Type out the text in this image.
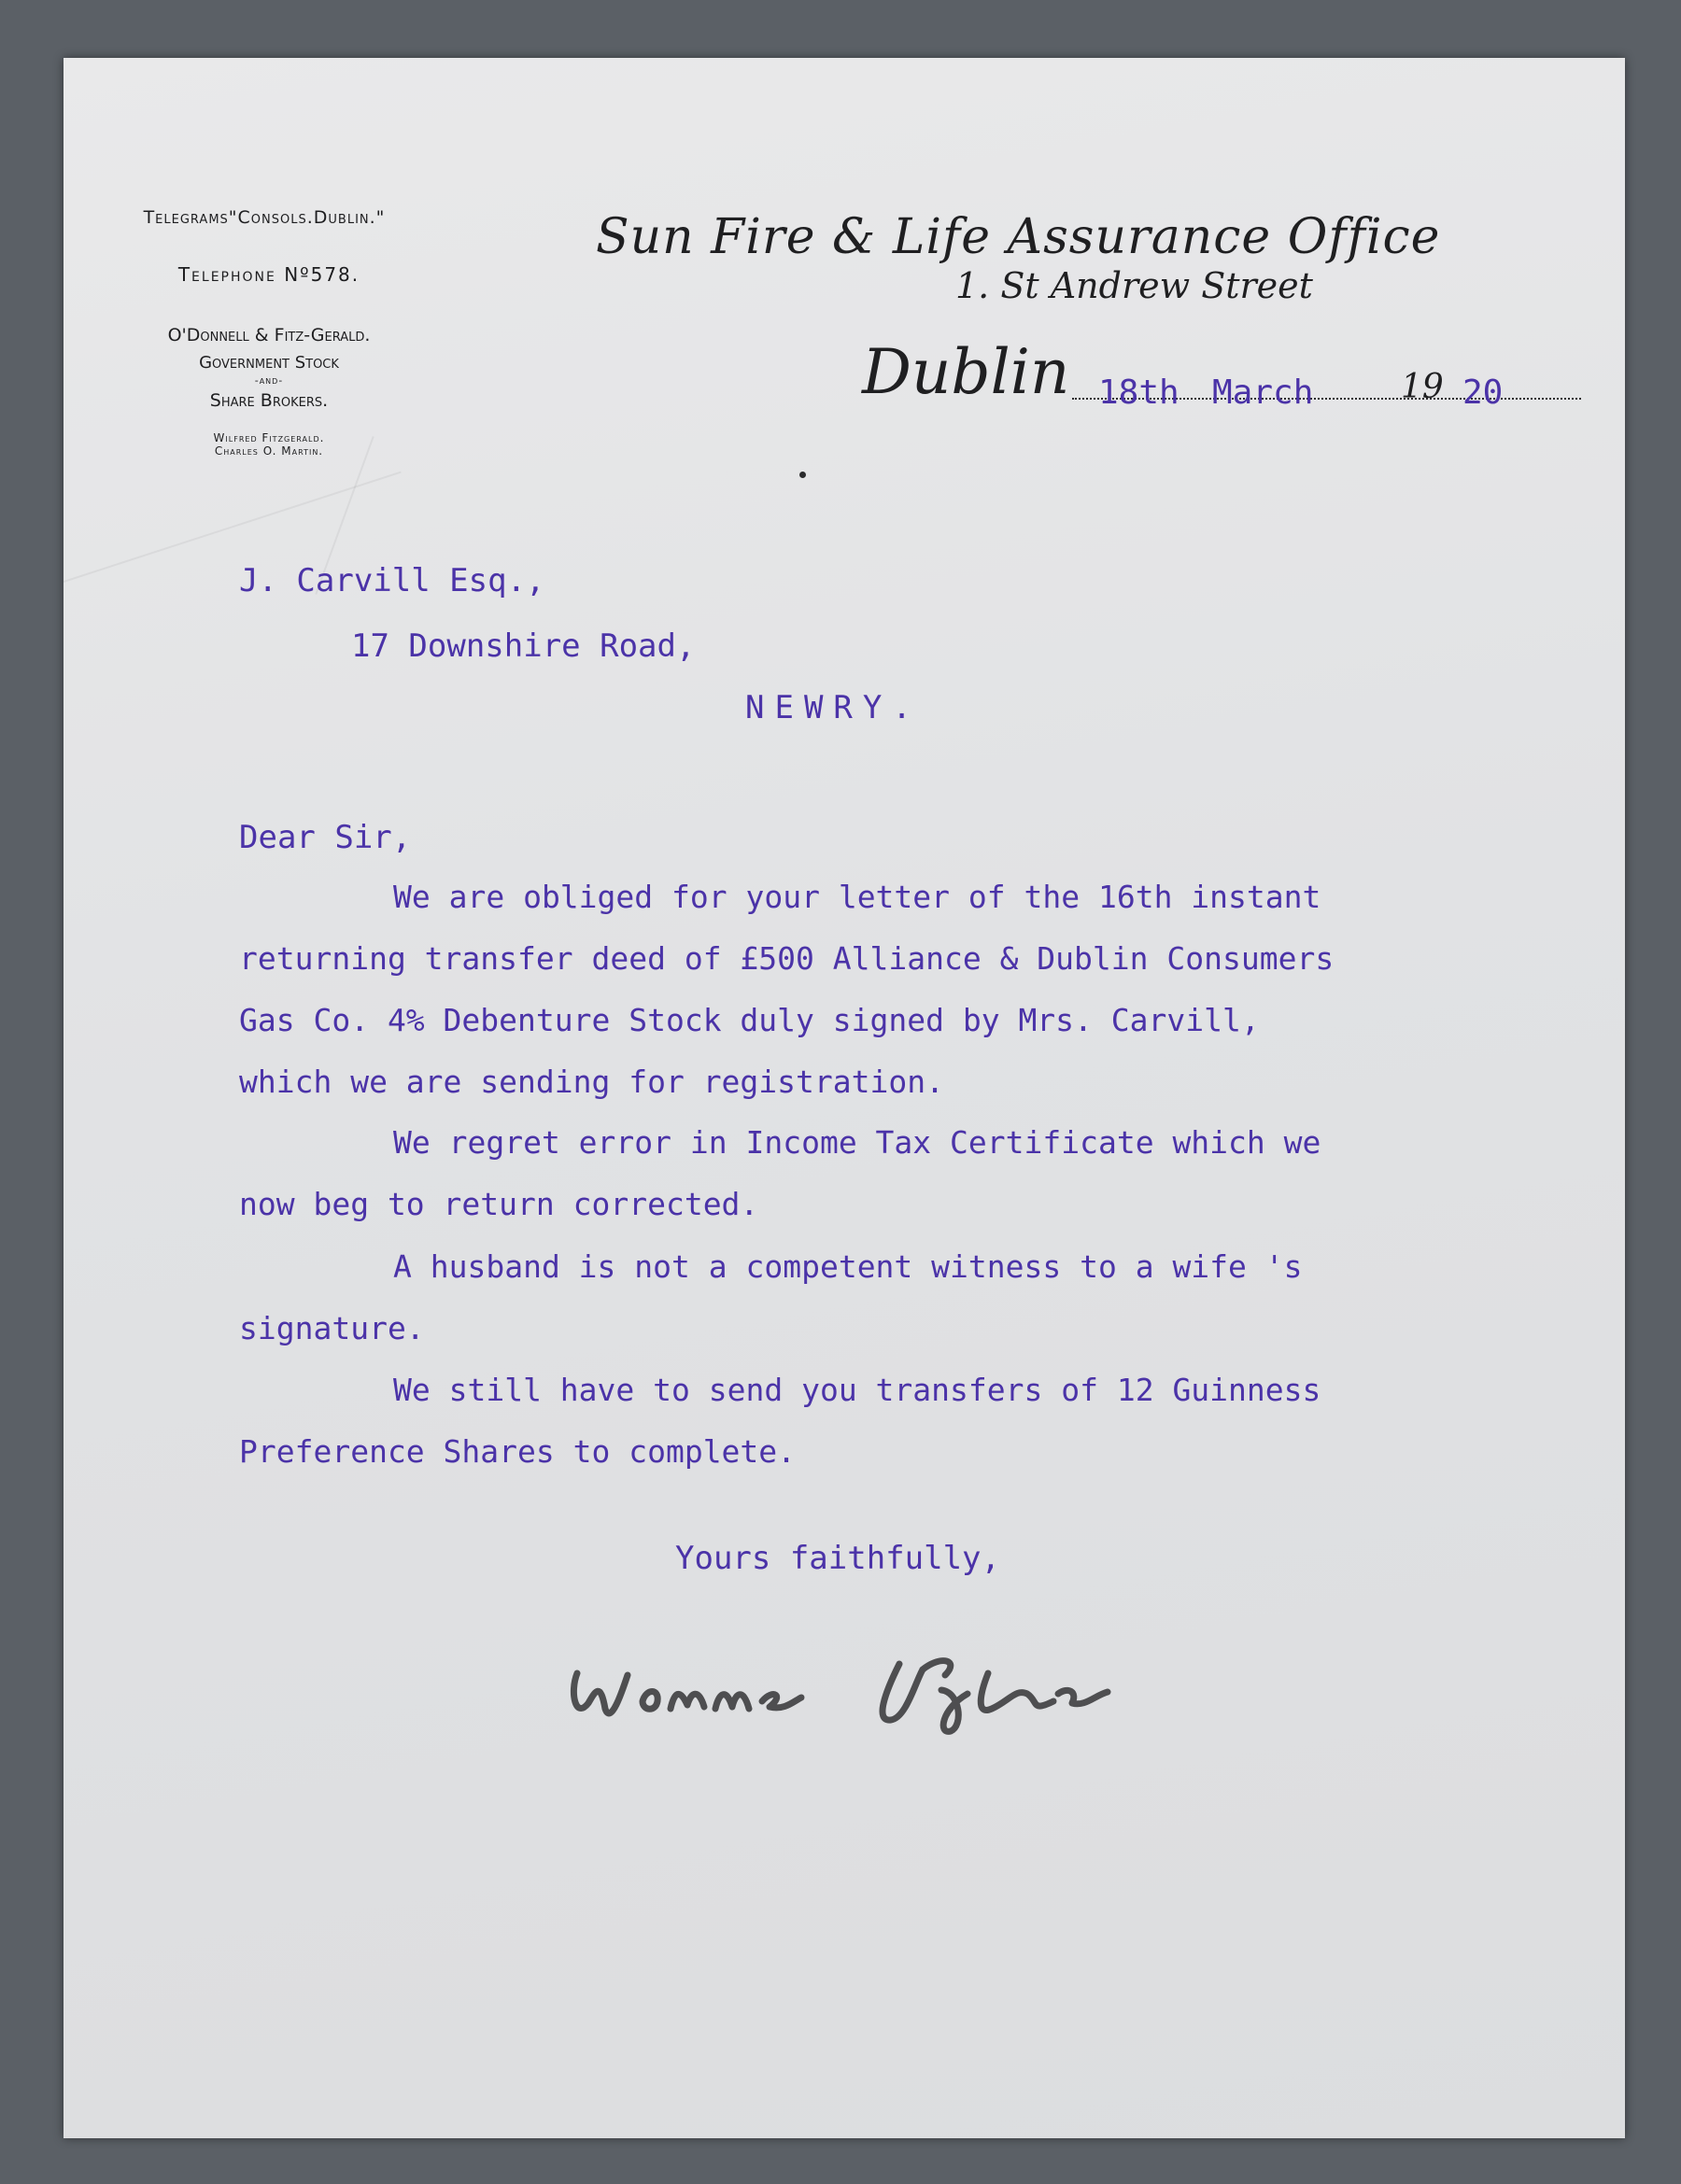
Telegrams"Consols.Dublin."
Telephone Nº578.
O'Donnell & Fitz-Gerald.
Government Stock
-and-
Share Brokers.
Wilfred Fitzgerald.
Charles O. Martin.
Sun Fire & Life Assurance Office
1. St Andrew Street
Dublin 18th March	19 20
J. Carvill Esq.,
17 Downshire Road,
NEWRY.
Dear Sir,
We are obliged for your letter of the 16th instant
returning transfer deed of £500 Alliance & Dublin Consumers
Gas Co. 4% Debenture Stock duly signed by Mrs. Carvill,
which we are sending for registration.
We regret error in Income Tax Certificate which we
now beg to return corrected.
A husband is not a competent witness to a wife 's
signature.
We still have to send you transfers of 12 Guinness
Preference Shares to complete.
Yours faithfully,
